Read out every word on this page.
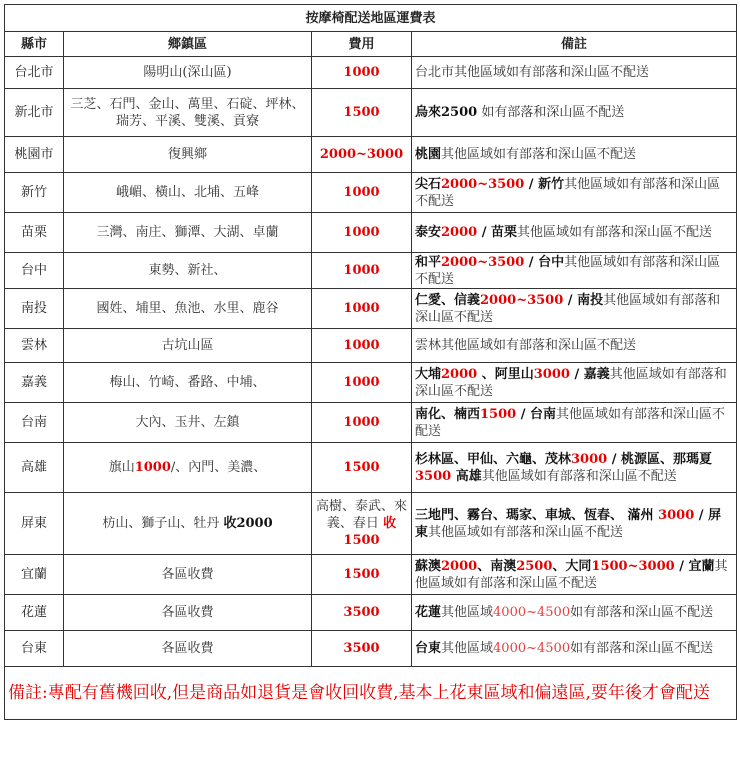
按摩椅配送地區運費表			
縣市	鄉鎮區	費用	備註
台北市	陽明山(深山區)	1000	台北市其他區域如有部落和深山區不配送
新北市	三芝、石門、金山、萬里、石碇、坪林、瑞芳、平溪、雙溪、貢寮	1500	烏來2500 如有部落和深山區不配送
桃園市	復興鄉	2000~3000	桃園其他區域如有部落和深山區不配送
新竹	峨嵋、橫山、北埔、五峰	1000	尖石2000~3500 / 新竹其他區域如有部落和深山區不配送
苗栗	三灣、南庄、獅潭、大湖、卓蘭	1000	泰安2000 / 苗栗其他區域如有部落和深山區不配送
台中	東勢、新社、	1000	和平2000~3500 / 台中其他區域如有部落和深山區不配送
南投	國姓、埔里、魚池、水里、鹿谷	1000	仁愛、信義2000~3500 / 南投其他區域如有部落和深山區不配送
雲林	古坑山區	1000	雲林其他區域如有部落和深山區不配送
嘉義	梅山、竹崎、番路、中埔、	1000	大埔2000 、阿里山3000 / 嘉義其他區域如有部落和深山區不配送
台南	大內、玉井、左鎮	1000	南化、楠西1500 / 台南其他區域如有部落和深山區不配送
高雄	旗山1000/、內門、美濃、	1500	杉林區、甲仙、六龜、茂林3000 / 桃源區、那瑪夏3500 高雄其他區域如有部落和深山區不配送
屏東	枋山、獅子山、牡丹 收2000	高樹、泰武、來義、春日 收1500	三地門、霧台、瑪家、車城、恆春、 滿州 3000 / 屏東其他區域如有部落和深山區不配送
宜蘭	各區收費	1500	蘇澳2000、南澳2500、大同1500~3000 / 宜蘭其他區域如有部落和深山區不配送
花蓮	各區收費	3500	花蓮其他區域4000~4500如有部落和深山區不配送
台東	各區收費	3500	台東其他區域4000~4500如有部落和深山區不配送
備註:專配有舊機回收,但是商品如退貨是會收回收費,基本上花東區域和偏遠區,要年後才會配送			
